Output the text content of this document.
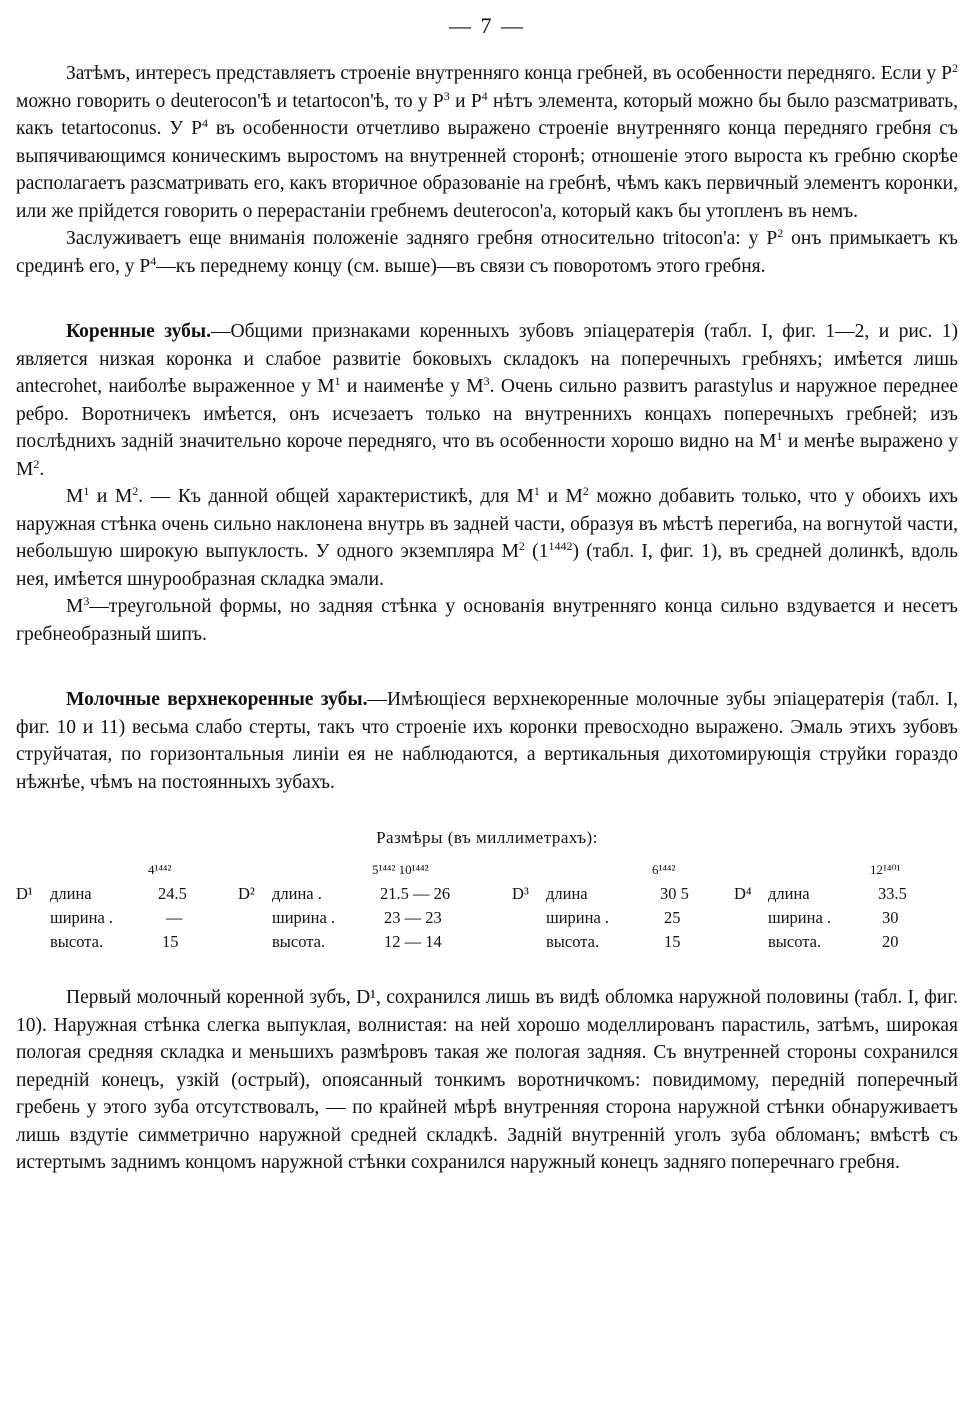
— 7 —

Затѣмъ, интересъ представляетъ строеніе внутренняго конца гребней, въ особенности передняго. Если у $P^2$ можно говорить о deuterocon'ѣ и tetartocon'ѣ, то у $P^3$ и $P^4$ нѣтъ элемента, который можно бы было разсматривать, какъ tetartoconus. У $P^4$ въ особенности отчетливо выражено строеніе внутренняго конца передняго гребня съ выпячивающимся коническимъ выростомъ на внутренней сторонѣ; отношеніе этого выроста къ гребню скорѣе располагаетъ разсматривать его, какъ вторичное образованіе на гребнѣ, чѣмъ какъ первичный элементъ коронки, или же прійдется говорить о перерастаніи гребнемъ deuterocon'а, который какъ бы утопленъ въ немъ.

Заслуживаетъ еще вниманія положеніе задняго гребня относительно tritocon'а: у $P^2$ онъ примыкаетъ къ срединѣ его, у $P^4—къ$ переднему концу (см. выше)—въ связи съ поворотомъ этого гребня.

Коренные зубы.—Общими признаками коренныхъ зубовъ эпіацератерія (табл. I, фиг. 1—2, и рис. 1) является низкая коронка и слабое развитіе боковыхъ складокъ на поперечныхъ гребняхъ; имѣется лишь antecrohet, наиболѣе выраженное у $M^1$ и наименѣе у $M^3$. Очень сильно развитъ parastylus и наружное переднее ребро. Воротничекъ имѣется, онъ исчезаетъ только на внутреннихъ концахъ поперечныхъ гребней; изъ послѣднихъ задній значительно короче передняго, что въ особенности хорошо видно на $M^1$ и менѣе выражено у $M^2$.

$M^1$ и $M^2$. — Къ данной общей характеристикѣ, для $M^1$ и $M^2$ можно добавить только, что у обоихъ ихъ наружная стѣнка очень сильно наклонена внутрь въ задней части, образуя въ мѣстѣ перегиба, на вогнутой части, небольшую широкую выпуклость. У одного экземпляра $M^2$ $(1^{1442})$ (табл. I, фиг. 1), въ средней долинкѣ, вдоль нея, имѣется шнурообразная складка эмали.

$M^3—треугольной$ формы, но задняя стѣнка у основанія внутренняго конца сильно вздувается и несетъ гребнеобразный шипъ.

Молочные верхнекоренные зубы.—Имѣющіеся верхнекоренные молочные зубы эпіацератерія (табл. I, фиг. 10 и 11) весьма слабо стерты, такъ что строеніе ихъ коронки превосходно выражено. Эмаль этихъ зубовъ струйчатая, по горизонтальныя линіи ея не наблюдаются, а вертикальныя дихотомирующія струйки гораздо нѣжнѣе, чѣмъ на постоянныхъ зубахъ.

Размѣры (въ миллиметрахъ):
4¹⁴⁴²
D¹ длина	24.5
ширина .	—
высота.	15
5¹⁴⁴² 10¹⁴⁴²
D² длина .	21.5 — 26
ширина .	23 — 23
высота.	12 — 14
6¹⁴⁴²
D³ длина	30 5
ширина .	25
высота.	15
12¹⁴⁰¹
D⁴ длина	33.5
ширина .	30
высота.	20

Первый молочный коренной зубъ, D¹, сохранился лишь въ видѣ обломка наружной половины (табл. I, фиг. 10). Наружная стѣнка слегка выпуклая, волнистая: на ней хорошо моделлированъ парастиль, затѣмъ, широкая пологая средняя складка и меньшихъ размѣровъ такая же пологая задняя. Съ внутренней стороны сохранился передній конецъ, узкій (острый), опоясанный тонкимъ воротничкомъ: повидимому, передній поперечный гребень у этого зуба отсутствовалъ, — по крайней мѣрѣ внутренняя сторона наружной стѣнки обнаруживаетъ лишь вздутіе симметрично наружной средней складкѣ. Задній внутренній уголъ зуба обломанъ; вмѣстѣ съ истертымъ заднимъ концомъ наружной стѣнки сохранился наружный конецъ задняго поперечнаго гребня.
